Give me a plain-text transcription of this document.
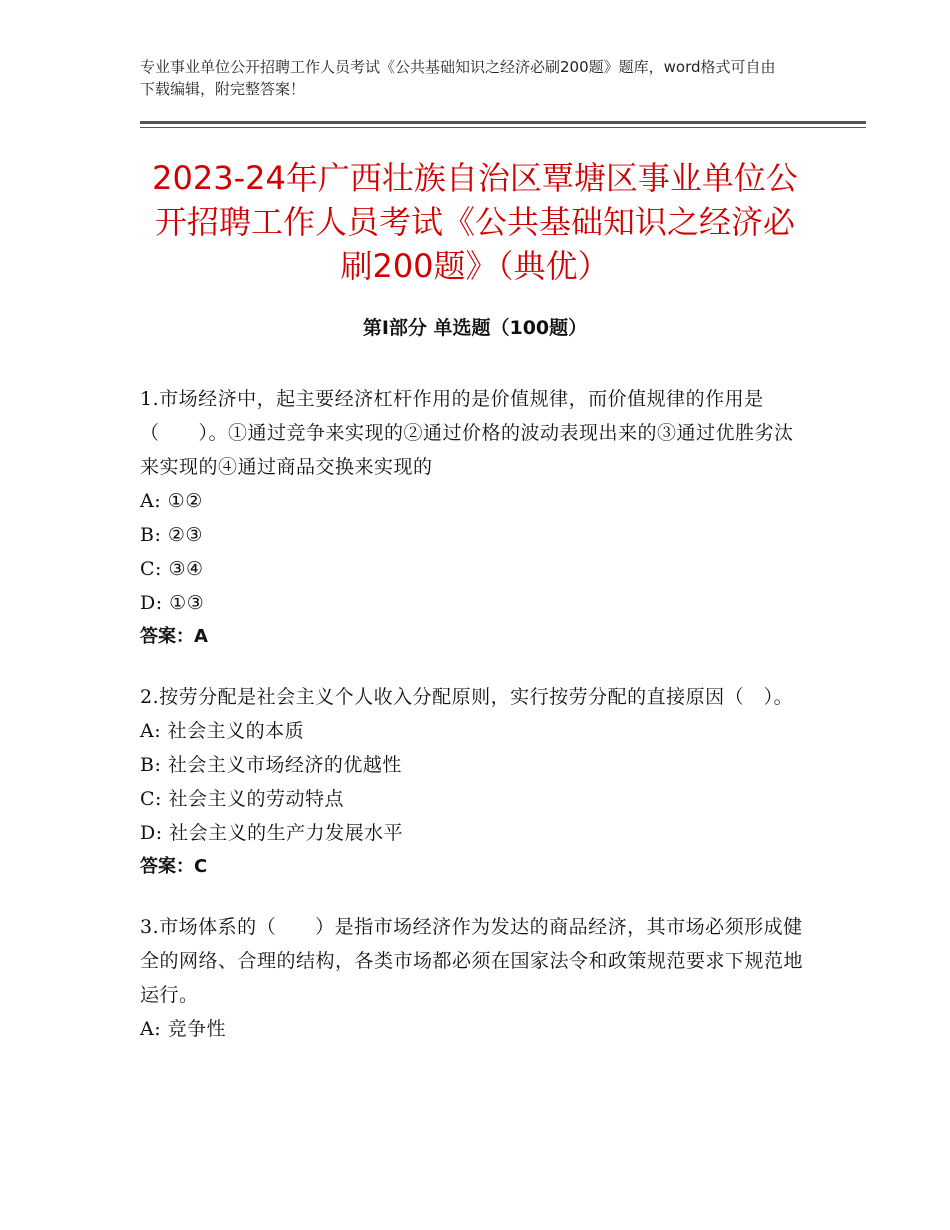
专业事业单位公开招聘工作人员考试《公共基础知识之经济必刷200题》题库，word格式可自由下载编辑，附完整答案！
2023-24年广西壮族自治区覃塘区事业单位公开招聘工作人员考试《公共基础知识之经济必刷200题》（典优）
第Ⅰ部分 单选题（100题）

1.市场经济中，起主要经济杠杆作用的是价值规律，而价值规律的作用是（　　）。①通过竞争来实现的②通过价格的波动表现出来的③通过优胜劣汰来实现的④通过商品交换来实现的

A: ①②

B: ②③

C: ③④

D: ①③

答案：A

2.按劳分配是社会主义个人收入分配原则，实行按劳分配的直接原因（　）。

A: 社会主义的本质

B: 社会主义市场经济的优越性

C: 社会主义的劳动特点

D: 社会主义的生产力发展水平

答案：C

3.市场体系的（　　）是指市场经济作为发达的商品经济，其市场必须形成健全的网络、合理的结构，各类市场都必须在国家法令和政策规范要求下规范地运行。

A: 竞争性
